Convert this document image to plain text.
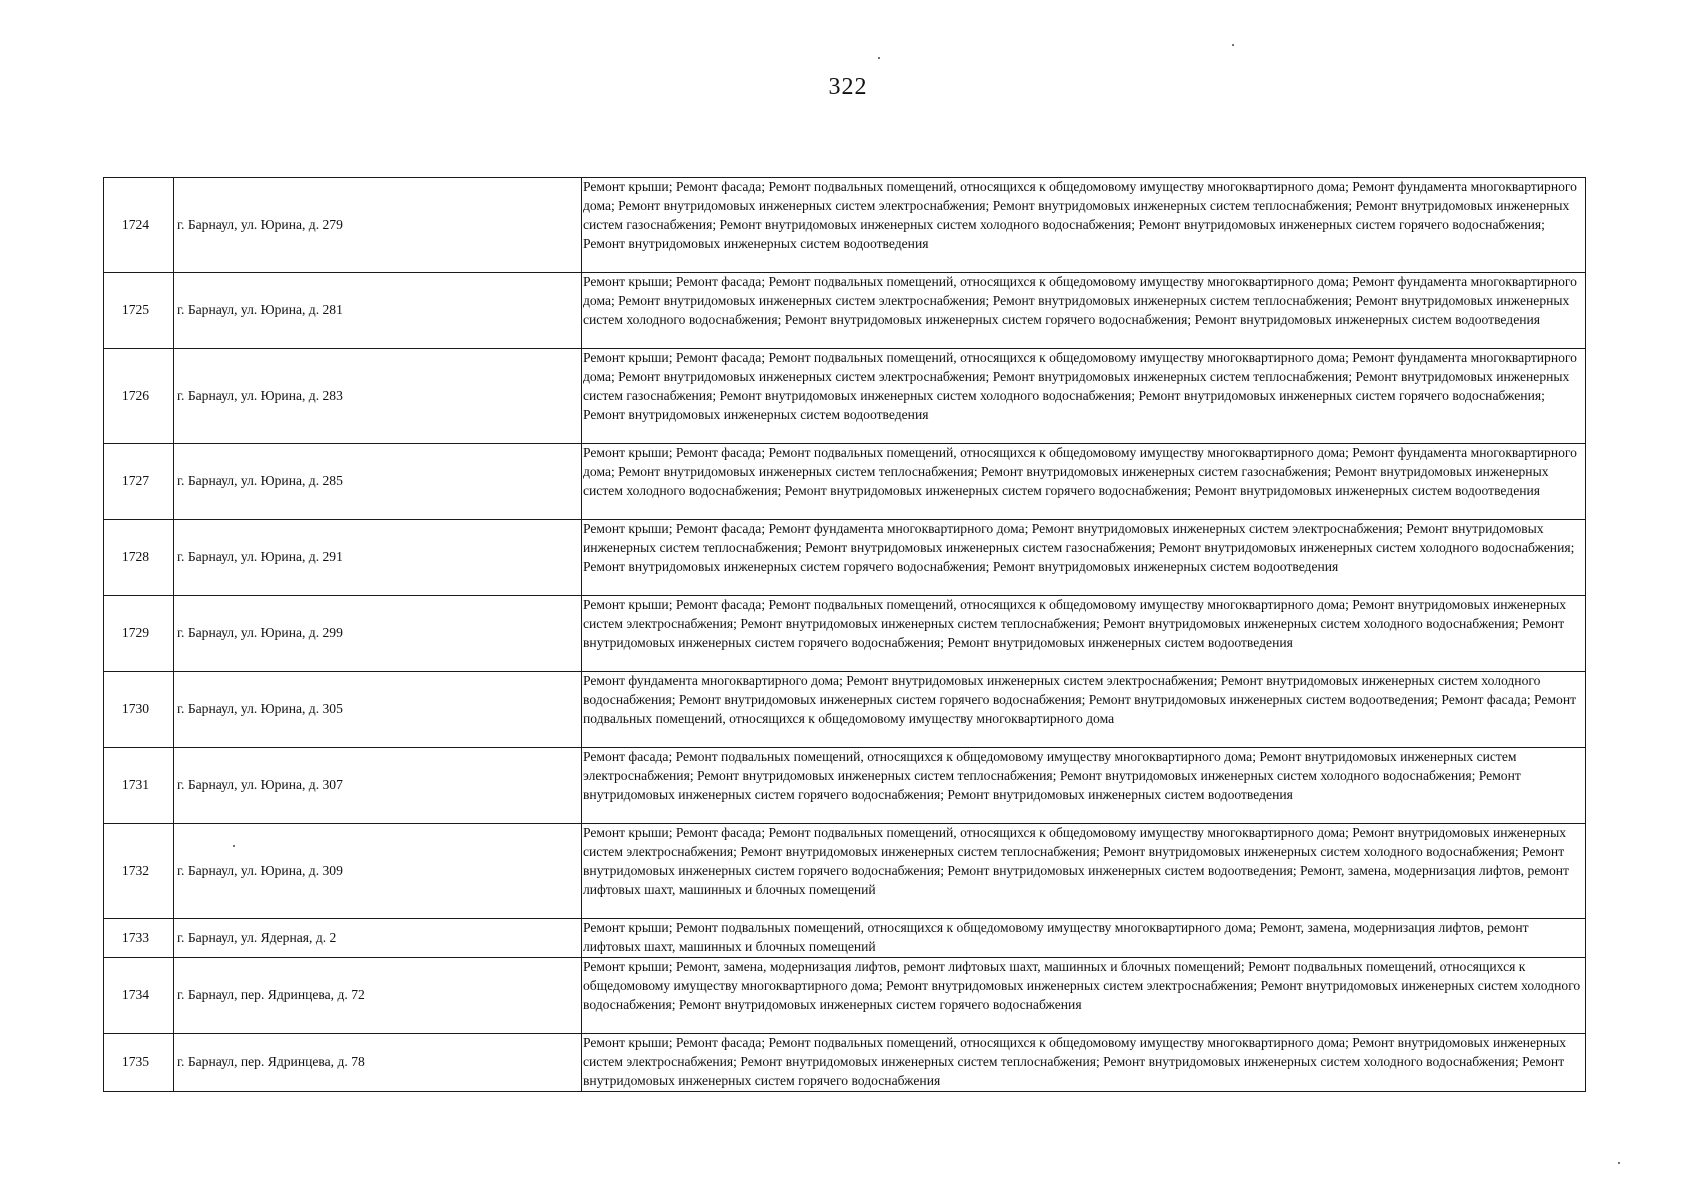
322
1724	г. Барнаул, ул. Юрина, д. 279	Ремонт крыши; Ремонт фасада; Ремонт подвальных помещений, относящихся к общедомовому имуществу многоквартирного дома; Ремонт фундамента многоквартирного дома; Ремонт внутридомовых инженерных систем электроснабжения; Ремонт внутридомовых инженерных систем теплоснабжения; Ремонт внутридомовых инженерных систем газоснабжения; Ремонт внутридомовых инженерных систем холодного водоснабжения; Ремонт внутридомовых инженерных систем горячего водоснабжения; Ремонт внутридомовых инженерных систем водоотведения
1725	г. Барнаул, ул. Юрина, д. 281	Ремонт крыши; Ремонт фасада; Ремонт подвальных помещений, относящихся к общедомовому имуществу многоквартирного дома; Ремонт фундамента многоквартирного дома; Ремонт внутридомовых инженерных систем электроснабжения; Ремонт внутридомовых инженерных систем теплоснабжения; Ремонт внутридомовых инженерных систем холодного водоснабжения; Ремонт внутридомовых инженерных систем горячего водоснабжения; Ремонт внутридомовых инженерных систем водоотведения
1726	г. Барнаул, ул. Юрина, д. 283	Ремонт крыши; Ремонт фасада; Ремонт подвальных помещений, относящихся к общедомовому имуществу многоквартирного дома; Ремонт фундамента многоквартирного дома; Ремонт внутридомовых инженерных систем электроснабжения; Ремонт внутридомовых инженерных систем теплоснабжения; Ремонт внутридомовых инженерных систем газоснабжения; Ремонт внутридомовых инженерных систем холодного водоснабжения; Ремонт внутридомовых инженерных систем горячего водоснабжения; Ремонт внутридомовых инженерных систем водоотведения
1727	г. Барнаул, ул. Юрина, д. 285	Ремонт крыши; Ремонт фасада; Ремонт подвальных помещений, относящихся к общедомовому имуществу многоквартирного дома; Ремонт фундамента многоквартирного дома; Ремонт внутридомовых инженерных систем теплоснабжения; Ремонт внутридомовых инженерных систем газоснабжения; Ремонт внутридомовых инженерных систем холодного водоснабжения; Ремонт внутридомовых инженерных систем горячего водоснабжения; Ремонт внутридомовых инженерных систем водоотведения
1728	г. Барнаул, ул. Юрина, д. 291	Ремонт крыши; Ремонт фасада; Ремонт фундамента многоквартирного дома; Ремонт внутридомовых инженерных систем электроснабжения; Ремонт внутридомовых инженерных систем теплоснабжения; Ремонт внутридомовых инженерных систем газоснабжения; Ремонт внутридомовых инженерных систем холодного водоснабжения; Ремонт внутридомовых инженерных систем горячего водоснабжения; Ремонт внутридомовых инженерных систем водоотведения
1729	г. Барнаул, ул. Юрина, д. 299	Ремонт крыши; Ремонт фасада; Ремонт подвальных помещений, относящихся к общедомовому имуществу многоквартирного дома; Ремонт внутридомовых инженерных систем электроснабжения; Ремонт внутридомовых инженерных систем теплоснабжения; Ремонт внутридомовых инженерных систем холодного водоснабжения; Ремонт внутридомовых инженерных систем горячего водоснабжения; Ремонт внутридомовых инженерных систем водоотведения
1730	г. Барнаул, ул. Юрина, д. 305	Ремонт фундамента многоквартирного дома; Ремонт внутридомовых инженерных систем электроснабжения; Ремонт внутридомовых инженерных систем холодного водоснабжения; Ремонт внутридомовых инженерных систем горячего водоснабжения; Ремонт внутридомовых инженерных систем водоотведения; Ремонт фасада; Ремонт подвальных помещений, относящихся к общедомовому имуществу многоквартирного дома
1731	г. Барнаул, ул. Юрина, д. 307	Ремонт фасада; Ремонт подвальных помещений, относящихся к общедомовому имуществу многоквартирного дома; Ремонт внутридомовых инженерных систем электроснабжения; Ремонт внутридомовых инженерных систем теплоснабжения; Ремонт внутридомовых инженерных систем холодного водоснабжения; Ремонт внутридомовых инженерных систем горячего водоснабжения; Ремонт внутридомовых инженерных систем водоотведения
1732	г. Барнаул, ул. Юрина, д. 309	Ремонт крыши; Ремонт фасада; Ремонт подвальных помещений, относящихся к общедомовому имуществу многоквартирного дома; Ремонт внутридомовых инженерных систем электроснабжения; Ремонт внутридомовых инженерных систем теплоснабжения; Ремонт внутридомовых инженерных систем холодного водоснабжения; Ремонт внутридомовых инженерных систем горячего водоснабжения; Ремонт внутридомовых инженерных систем водоотведения; Ремонт, замена, модернизация лифтов, ремонт лифтовых шахт, машинных и блочных помещений
1733	г. Барнаул, ул. Ядерная, д. 2	Ремонт крыши; Ремонт подвальных помещений, относящихся к общедомовому имуществу многоквартирного дома; Ремонт, замена, модернизация лифтов, ремонт лифтовых шахт, машинных и блочных помещений
1734	г. Барнаул, пер. Ядринцева, д. 72	Ремонт крыши; Ремонт, замена, модернизация лифтов, ремонт лифтовых шахт, машинных и блочных помещений; Ремонт подвальных помещений, относящихся к общедомовому имуществу многоквартирного дома; Ремонт внутридомовых инженерных систем электроснабжения; Ремонт внутридомовых инженерных систем холодного водоснабжения; Ремонт внутридомовых инженерных систем горячего водоснабжения
1735	г. Барнаул, пер. Ядринцева, д. 78	Ремонт крыши; Ремонт фасада; Ремонт подвальных помещений, относящихся к общедомовому имуществу многоквартирного дома; Ремонт внутридомовых инженерных систем электроснабжения; Ремонт внутридомовых инженерных систем теплоснабжения; Ремонт внутридомовых инженерных систем холодного водоснабжения; Ремонт внутридомовых инженерных систем горячего водоснабжения
